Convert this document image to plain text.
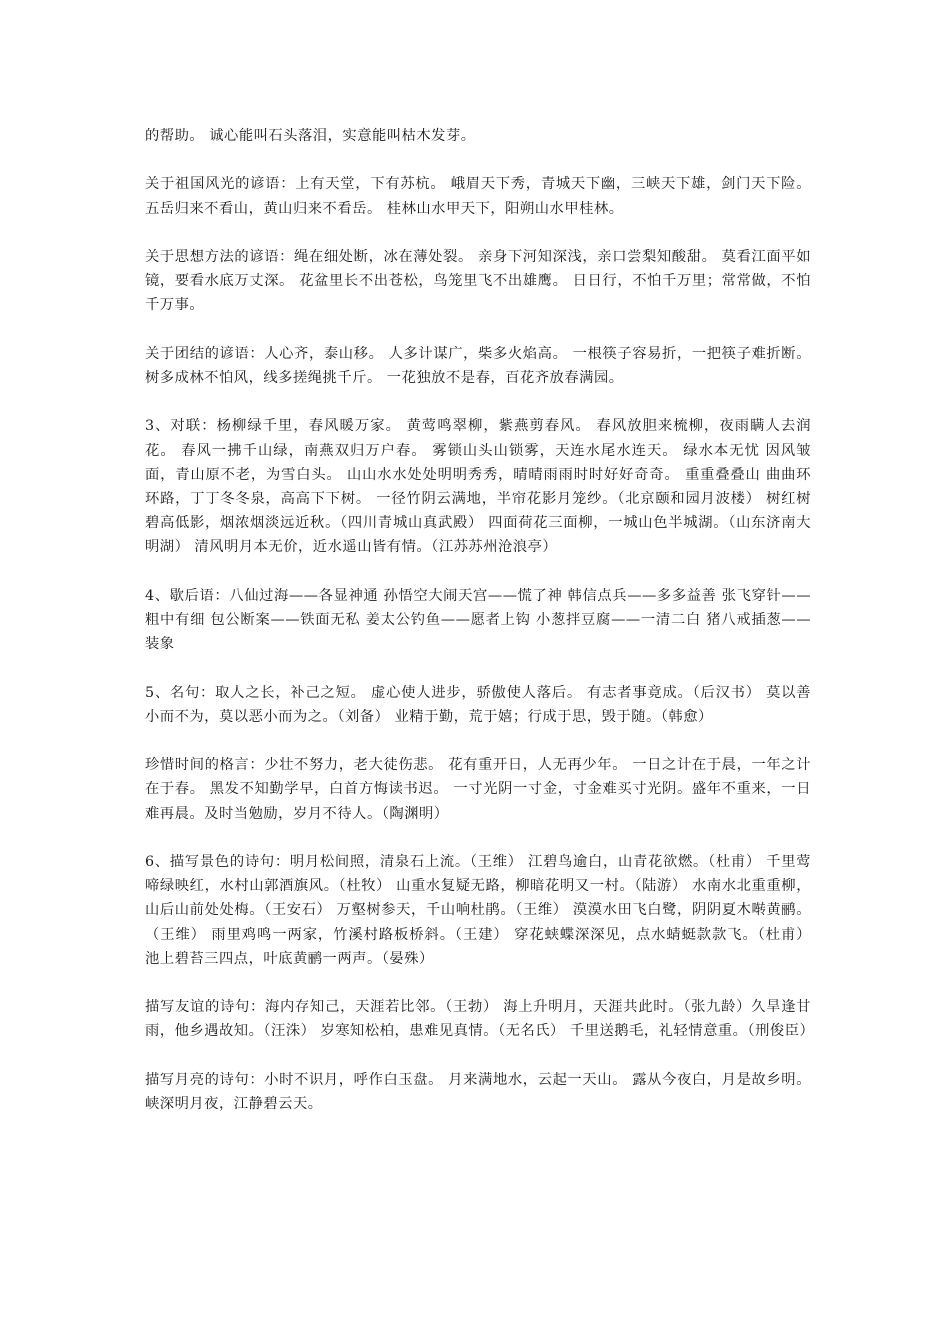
的帮助。 诚心能叫石头落泪，实意能叫枯木发芽。

关于祖国风光的谚语：上有天堂，下有苏杭。 峨眉天下秀，青城天下幽，三峡天下雄，剑门天下险。 五岳归来不看山，黄山归来不看岳。 桂林山水甲天下，阳朔山水甲桂林。

关于思想方法的谚语：绳在细处断，冰在薄处裂。 亲身下河知深浅，亲口尝梨知酸甜。 莫看江面平如镜，要看水底万丈深。 花盆里长不出苍松，鸟笼里飞不出雄鹰。 日日行，不怕千万里；常常做，不怕千万事。

关于团结的谚语：人心齐，泰山移。 人多计谋广，柴多火焰高。 一根筷子容易折，一把筷子难折断。 树多成林不怕风，线多搓绳挑千斤。 一花独放不是春，百花齐放春满园。

3、对联：杨柳绿千里，春风暖万家。 黄莺鸣翠柳，紫燕剪春风。 春风放胆来梳柳，夜雨瞒人去润花。 春风一拂千山绿，南燕双归万户春。 雾锁山头山锁雾，天连水尾水连天。 绿水本无忧 因风皱面，青山原不老，为雪白头。 山山水水处处明明秀秀，晴晴雨雨时时好好奇奇。 重重叠叠山 曲曲环环路，丁丁冬冬泉，高高下下树。 一径竹阴云满地，半帘花影月笼纱。（北京颐和园月波楼） 树红树碧高低影，烟浓烟淡远近秋。（四川青城山真武殿） 四面荷花三面柳，一城山色半城湖。（山东济南大明湖） 清风明月本无价，近水遥山皆有情。（江苏苏州沧浪亭）

4、歇后语：八仙过海——各显神通 孙悟空大闹天宫——慌了神 韩信点兵——多多益善 张飞穿针——粗中有细 包公断案——铁面无私 姜太公钓鱼——愿者上钩 小葱拌豆腐——一清二白 猪八戒插葱——装象

5、名句：取人之长，补己之短。 虚心使人进步，骄傲使人落后。 有志者事竟成。（后汉书） 莫以善小而不为，莫以恶小而为之。（刘备） 业精于勤，荒于嬉；行成于思，毁于随。（韩愈）

珍惜时间的格言：少壮不努力，老大徒伤悲。 花有重开日，人无再少年。 一日之计在于晨，一年之计在于春。 黑发不知勤学早，白首方悔读书迟。 一寸光阴一寸金，寸金难买寸光阴。盛年不重来，一日难再晨。及时当勉励，岁月不待人。（陶渊明）

6、描写景色的诗句：明月松间照，清泉石上流。（王维） 江碧鸟逾白，山青花欲燃。（杜甫） 千里莺啼绿映红，水村山郭酒旗风。（杜牧） 山重水复疑无路，柳暗花明又一村。（陆游） 水南水北重重柳，山后山前处处梅。（王安石） 万壑树参天，千山响杜鹃。（王维） 漠漠水田飞白鹭，阴阴夏木啭黄鹂。（王维） 雨里鸡鸣一两家，竹溪村路板桥斜。（王建） 穿花蛱蝶深深见，点水蜻蜓款款飞。（杜甫） 池上碧苔三四点，叶底黄鹂一两声。（晏殊）

描写友谊的诗句：海内存知己，天涯若比邻。（王勃） 海上升明月，天涯共此时。（张九龄）久旱逢甘雨，他乡遇故知。（汪洙） 岁寒知松柏，患难见真情。（无名氏） 千里送鹅毛，礼轻情意重。（刑俊臣）

描写月亮的诗句：小时不识月，呼作白玉盘。 月来满地水，云起一天山。 露从今夜白，月是故乡明。 峡深明月夜，江静碧云天。
